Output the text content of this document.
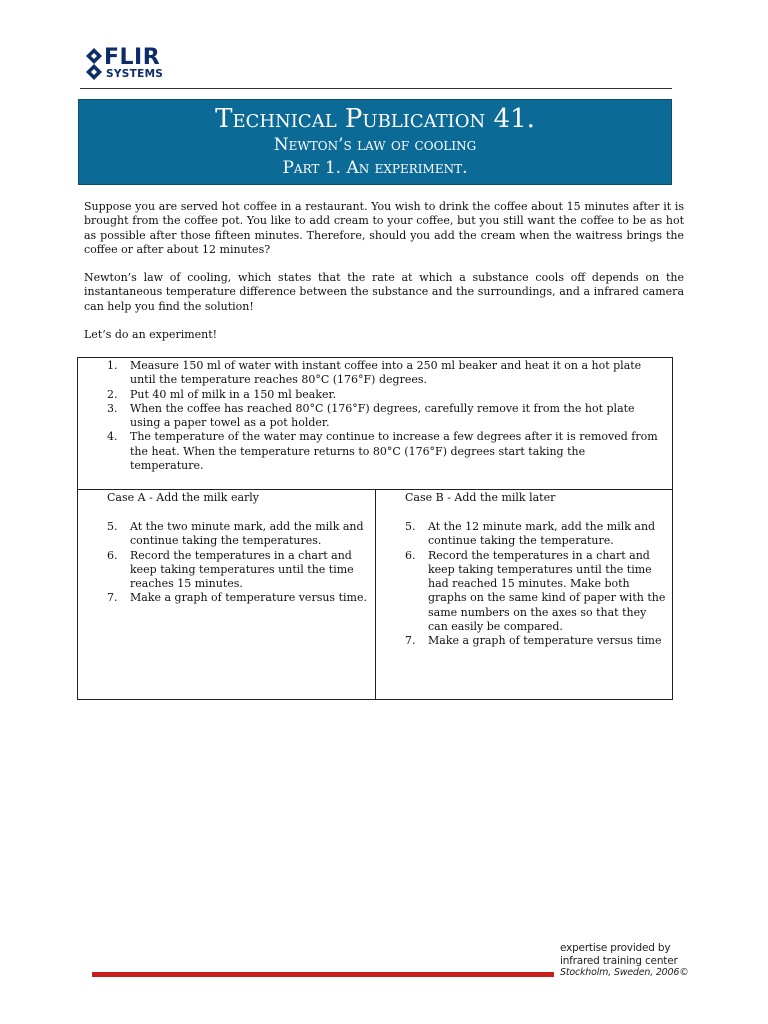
FLIR
SYSTEMS
Technical Publication 41.
Newton’s law of cooling
Part 1. An experiment.

Suppose you are served hot coffee in a restaurant. You wish to drink the coffee about 15 minutes after it is brought from the coffee pot. You like to add cream to your coffee, but you still want the coffee to be as hot as possible after those fifteen minutes. Therefore, should you add the cream when the waitress brings the coffee or after about 12 minutes?

Newton’s law of cooling, which states that the rate at which a substance cools off depends on the instantaneous temperature difference between the substance and the surroundings, and a infrared camera can help you find the solution!

Let’s do an experiment!

1. Measure 150 ml of water with instant coffee into a 250 ml beaker and heat it on a hot plate until the temperature reaches 80°C (176°F) degrees.
2. Put 40 ml of milk in a 150 ml beaker.
3. When the coffee has reached 80°C (176°F) degrees, carefully remove it from the hot plate using a paper towel as a pot holder.
4. The temperature of the water may continue to increase a few degrees after it is removed from the heat. When the temperature returns to 80°C (176°F) degrees start taking the temperature.
Case A - Add the milk early
5. At the two minute mark, add the milk and continue taking the temperatures.
6. Record the temperatures in a chart and keep taking temperatures until the time reaches 15 minutes.
7. Make a graph of temperature versus time.
Case B - Add the milk later
5. At the 12 minute mark, add the milk and continue taking the temperature.
6. Record the temperatures in a chart and keep taking temperatures until the time had reached 15 minutes. Make both graphs on the same kind of paper with the same numbers on the axes so that they can easily be compared.
7. Make a graph of temperature versus time
expertise provided by
infrared training center
Stockholm, Sweden, 2006©
